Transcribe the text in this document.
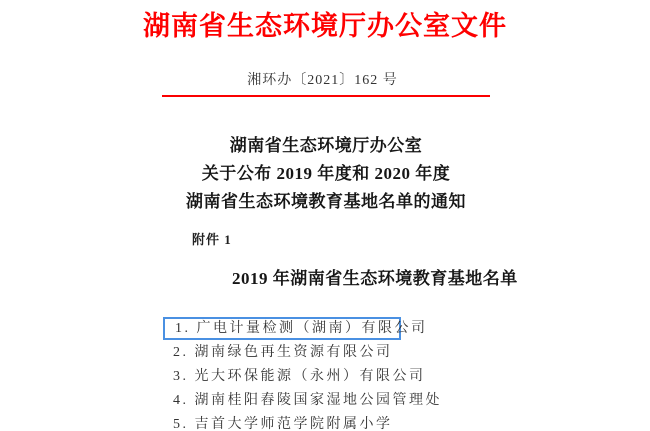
湖南省生态环境厅办公室文件
湘环办〔2021〕162 号
湖南省生态环境厅办公室
关于公布 2019 年度和 2020 年度
湖南省生态环境教育基地名单的通知
附件 1
2019 年湖南省生态环境教育基地名单
1. 广电计量检测（湖南）有限公司
2. 湖南绿色再生资源有限公司
3. 光大环保能源（永州）有限公司
4. 湖南桂阳舂陵国家湿地公园管理处
5. 吉首大学师范学院附属小学
